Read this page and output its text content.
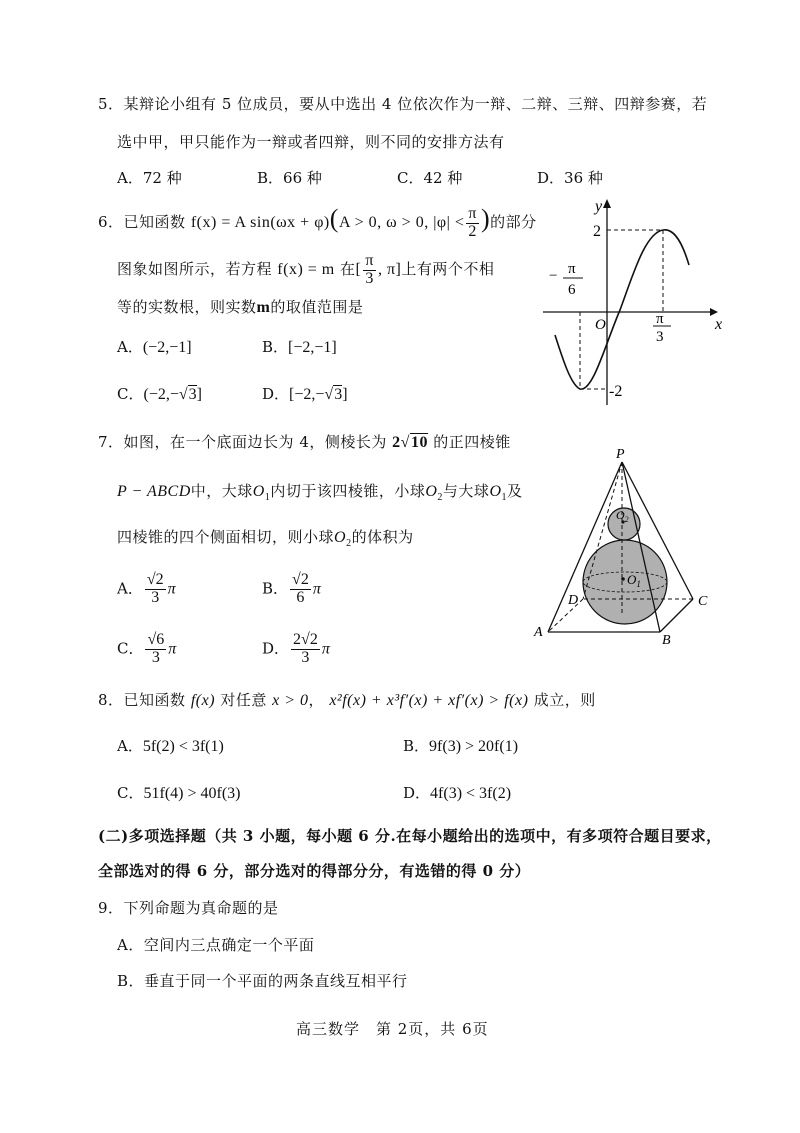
5．某辩论小组有 5 位成员，要从中选出 4 位依次作为一辩、二辩、三辩、四辩参赛，若
选中甲，甲只能作为一辩或者四辩，则不同的安排方法有
A．72 种	B．66 种	C．42 种	D．36 种
6．已知函数 f(x) = A sin(ωx + φ)(A > 0, ω > 0, $|\varphi| < \frac{\pi}{2}$ )的部分
图象如图所示，若方程 f(x) = m 在[ $\frac{\pi}{3}$ , π]上有两个不相
等的实数根，则实数m的取值范围是
A．(−2,−1]	B．[−2,−1]
C．(−2,−√3]	D．[−2,−√3]
y
x
O
2
-2
− π
6
π
3
7．如图，在一个底面边长为 4，侧棱长为 2√10 的正四棱锥
P − ABCD中，大球$O_1$内切于该四棱锥，小球$O_2$与大球$O_1$及
四棱锥的四个侧面相切，则小球$O_2$的体积为
A． $\frac{√2}{3}$ π	B． $\frac{√2}{6}$ π
C． $\frac{√6}{3}$ π	D． $\frac{2√2}{3}$ π
P
A
B
C
D
$O_1$
$O_2$
8．已知函数 f(x) 对任意 x > 0， x²f(x) + x³f′(x) + xf′(x) > f(x) 成立，则
A．5f(2) < 3f(1)	B．9f(3) > 20f(1)
C．51f(4) > 40f(3)	D．4f(3) < 3f(2)
(二)多项选择题（共 3 小题，每小题 6 分.在每小题给出的选项中，有多项符合题目要求，
全部选对的得 6 分，部分选对的得部分分，有选错的得 0 分）
9．下列命题为真命题的是
A．空间内三点确定一个平面
B．垂直于同一个平面的两条直线互相平行
高三数学　第 2页，共 6页
